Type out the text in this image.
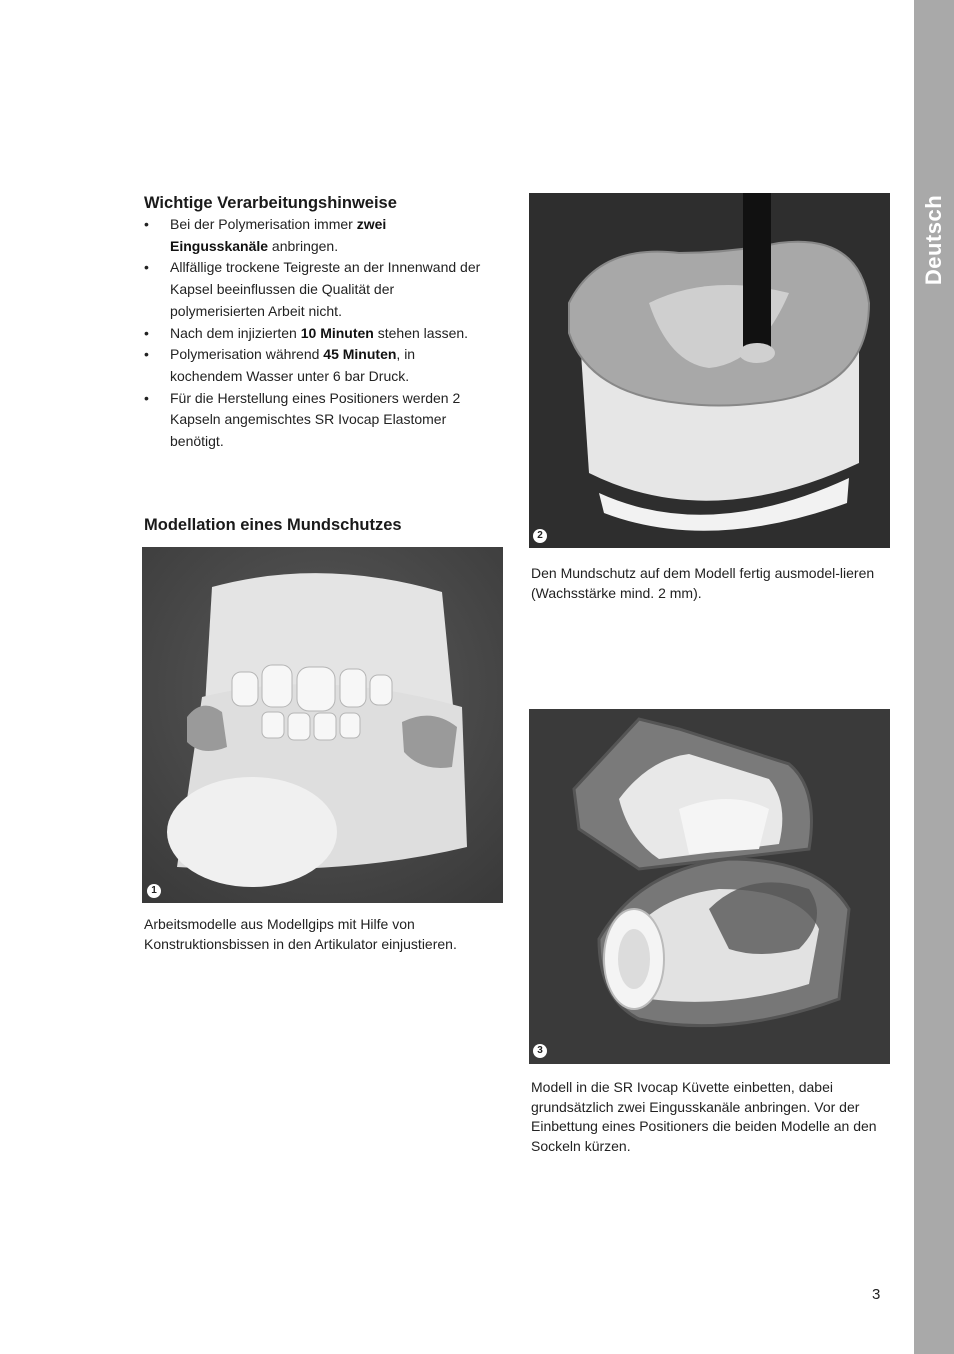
Deutsch
Wichtige Verarbeitungshinweise
• Bei der Polymerisation immer zwei
Eingusskanäle anbringen.
• Allfällige trockene Teigreste an der Innenwand der Kapsel beeinflussen die Qualität der polymerisierten Arbeit nicht.
• Nach dem injizierten 10 Minuten stehen lassen.
• Polymerisation während 45 Minuten, in kochendem Wasser unter 6 bar Druck.
• Für die Herstellung eines Positioners werden 2 Kapseln angemischtes SR Ivocap Elastomer benötigt.
Modellation eines Mundschutzes
1

Arbeitsmodelle aus Modellgips mit Hilfe von Konstruktionsbissen in den Artikulator einjustieren.

2

Den Mundschutz auf dem Modell fertig ausmodel-lieren (Wachsstärke mind. 2 mm).

3

Modell in die SR Ivocap Küvette einbetten, dabei grundsätzlich zwei Eingusskanäle anbringen. Vor der Einbettung eines Positioners die beiden Modelle an den Sockeln kürzen.

3
